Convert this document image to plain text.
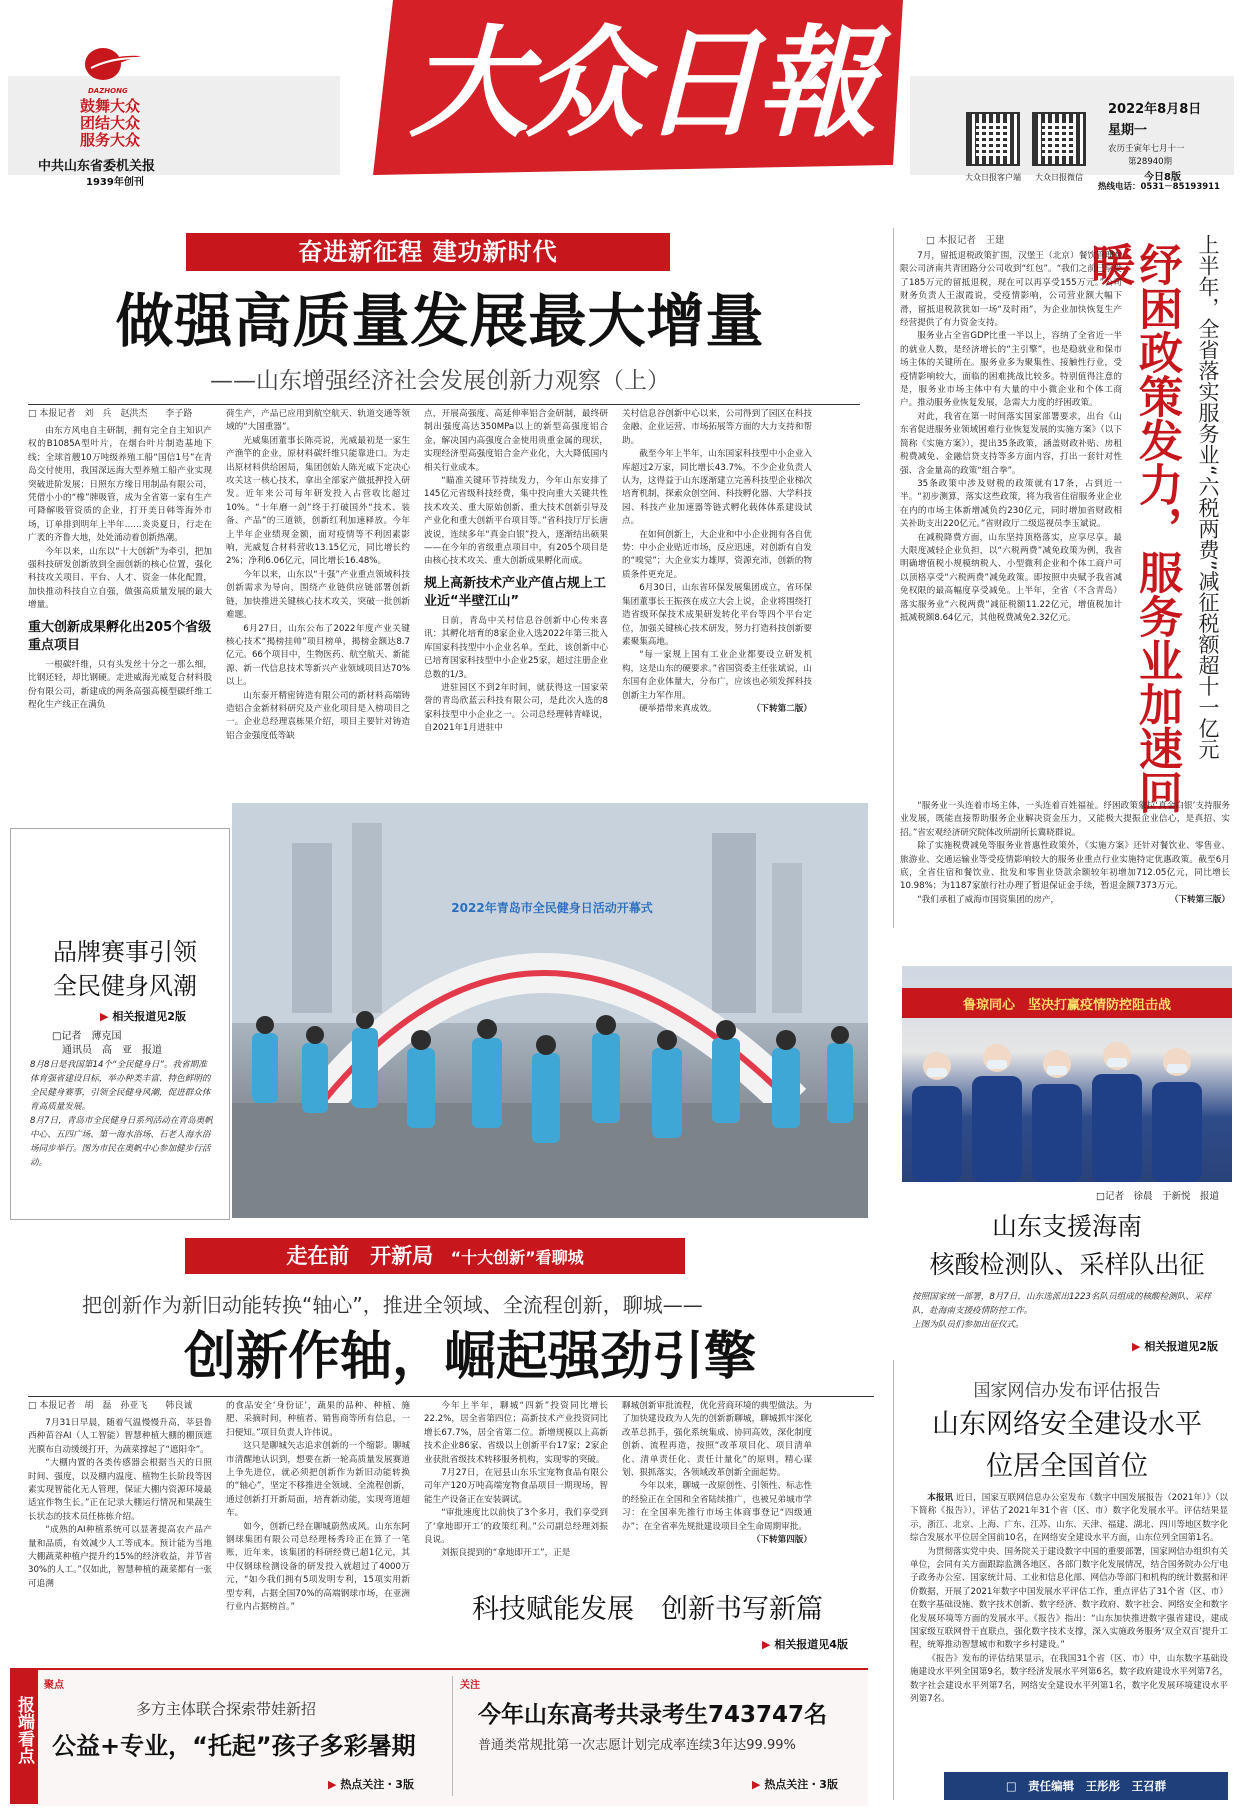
DAZHONG
鼓舞大众
团结大众
服务大众
中共山东省委机关报
1939年创刊
大众日報
大众日报客户端	大众日报微信
2022年8月8日
星期一
农历壬寅年七月十一
第28940期
今日8版
热线电话：0531－85193911
奋进新征程 建功新时代
做强高质量发展最大增量
——山东增强经济社会发展创新力观察（上）
□ 本报记者　刘　兵　赵洪杰　　李子路
由东方风电自主研制，拥有完全自主知识产权的B1085A型叶片，在烟台叶片制造基地下线；全球首艘10万吨级养殖工船“国信1号”在青岛交付使用，我国深远海大型养殖工船产业实现突破进阶发展；日照东方缘日用制品有限公司，凭借小小的“橡”牌吸管，成为全省第一家有生产可降解吸管资质的企业，打开美日韩等海外市场，订单排到明年上半年……炎炎夏日，行走在广袤的齐鲁大地，处处涌动着创新热潮。
今年以来，山东以“十大创新”为牵引，把加强科技研发创新放到全面创新的核心位置，强化科技攻关项目、平台、人才、资金一体化配置，加快推动科技自立自强，做强高质量发展的最大增量。
重大创新成果孵化出205个省级重点项目
一根碳纤维，只有头发丝十分之一那么细，比钢还轻，却比钢硬。走进威海光威复合材料股份有限公司，新建成的两条高强高模型碳纤维工程化生产线正在满负
荷生产，产品已应用到航空航天、轨道交通等领域的“大国重器”。
光威集团董事长陈亮说，光威最初是一家生产渔竿的企业，原材料碳纤维只能靠进口。为走出原材料供给困局，集团创始人陈光威下定决心攻关这一核心技术，拿出全部家产做抵押投入研发。近年来公司每年研发投入占营收比超过10%。“十年磨一剑”终于打破国外“技术、装备、产品”的三道锁，创新红利加速释放。今年上半年企业绩现金额，面对疫情等不利因素影响，光威复合材料营收13.15亿元，同比增长约2%；净利6.06亿元，同比增长16.48%。
今年以来，山东以“十强”产业重点领域科技创新需求为导向，围绕产业链供应链部署创新链，加快推进关键核心技术攻关，突破一批创新难题。
6月27日，山东公布了2022年度产业关键核心技术“揭榜挂帅”项目榜单，揭榜金额达8.7亿元。66个项目中，生物医药、航空航天、新能源、新一代信息技术等新兴产业领域项目达70%以上。
山东泰开精密铸造有限公司的新材料高端铸造铝合金新材料研究及产业化项目是入榜项目之一。企业总经理袁栋果介绍，项目主要针对铸造铝合金强度低等缺
点，开展高强度、高延伸率铝合金研制，最终研制出强度高达350MPa以上的新型高强度铝合金，解决国内高强度合金使用贵重金属的现状，实现经济型高强度铝合金产业化，大大降低国内相关行业成本。
“瞄准关键环节持续发力，今年山东安排了145亿元省级科技经费，集中投向重大关键共性技术攻关、重大原始创新、重大技术创新引导及产业化和重大创新平台项目等。”省科技厅厅长唐波说，连续多年“真金白银”投入，逐渐结出硕果——在今年的省级重点项目中，有205个项目是由核心技术攻关、重大创新成果孵化而成。
规上高新技术产业产值占规上工业近“半壁江山”
日前，青岛中关村信息谷创新中心传来喜讯：其孵化培育的8家企业入选2022年第三批入库国家科技型中小企业名单。至此，该创新中心已培育国家科技型中小企业25家，超过注册企业总数的1/3。
进驻园区不到2年时间，就获得这一国家荣誉的青岛欣蓝云科技有限公司，是此次入选的8家科技型中小企业之一。公司总经理韩青峰说，自2021年1月进驻中
关村信息谷创新中心以来，公司得到了园区在科技金融、企业运营、市场拓展等方面的大力支持和帮助。
截至今年上半年，山东国家科技型中小企业入库超过2万家，同比增长43.7%。不少企业负责人认为，这得益于山东逐渐建立完善科技型企业梯次培育机制，探索众创空间、科技孵化器、大学科技园、科技产业加速器等链式孵化载体体系建设试点。
在如何创新上，大企业和中小企业拥有各自优势：中小企业贴近市场，反应迅速，对创新有自发的“嗅觉”；大企业实力雄厚，资源充沛，创新的物质条件更充足。
6月30日，山东省环保发展集团成立，省环保集团董事长王振孩在成立大会上说，企业将围绕打造省级环保技术成果研发转化平台等四个平台定位，加强关键核心技术研发，努力打造科技创新要素聚集高地。
“每一家规上国有工业企业都要设立研发机构，这是山东的硬要求。”省国资委主任张斌说，山东国有企业体量大，分布广，应该也必须发挥科技创新主力军作用。
硬举措带来真成效。	（下转第二版）
□ 本报记者　王建
纾困政策发力，服务业加速回暖	上半年，全省落实服务业“六税两费”减征税额超十一亿元
7月，留抵退税政策扩围，汉堡王（北京）餐饮管理有限公司济南共青团路分公司收到“红包”。“我们之前已享受了185万元的留抵退税，现在可以再享受155万元。”公司财务负责人王淑霞说，受疫情影响，公司营业额大幅下滑，留抵退税款犹如一场“及时雨”，为企业加快恢复生产经营提供了有力资金支持。
服务业占全省GDP比重一半以上，容纳了全省近一半的就业人数，是经济增长的“主引擎”，也是稳就业和保市场主体的关键所在。服务业多为聚集性、接触性行业，受疫情影响较大，面临的困难挑战比较多。特别值得注意的是，服务业市场主体中有大量的中小微企业和个体工商户。推动服务业恢复发展，急需大力度的纾困政策。
对此，我省在第一时间落实国家部署要求，出台《山东省促进服务业领域困难行业恢复发展的实施方案》（以下简称《实施方案》），提出35条政策，涵盖财政补贴、房租税费减免、金融信贷支持等多方面内容，打出一套针对性强、含金量高的政策“组合拳”。
35条政策中涉及财税的政策就有17条，占到近一半。“初步测算，落实这些政策，将为我省住宿服务业企业在内的市场主体新增减负约230亿元，同时增加省财政相关补助支出220亿元。”省财政厅二级巡视员李玉斌说。
在减税降费方面，山东坚持顶格落实，应享尽享。最大限度减轻企业负担，以“六税两费”减免政策为例，我省明确增值税小规模纳税人、小型微利企业和个体工商户可以顶格享受“六税两费”减免政策。即按照中央赋予我省减免权限的最高幅度享受减免。上半年，全省（不含青岛）落实服务业“六税两费”减征税额11.22亿元，增值税加计抵减税额8.64亿元，其他税费减免2.32亿元。
“服务业一头连着市场主体，一头连着百姓福祉。纾困政策象拉‘真金白银’支持服务业发展，既能直接帮助服务企业解决资金压力，又能极大提振企业信心，是真招、实招。”省宏观经济研究院体改所副所长冀晓群说。
除了实施税费减免等服务业普惠性政策外，《实施方案》还针对餐饮业、零售业、旅游业、交通运输业等受疫情影响较大的服务业重点行业实施特定优惠政策。截至6月底，全省住宿和餐饮业、批发和零售业贷款余额较年初增加712.05亿元，同比增长10.98%；为1187家旅行社办理了暂退保证金手续，暂退金额7373万元。
“我们承租了威海市国资集团的房产，	（下转第三版）
品牌赛事引领
全民健身风潮
▶ 相关报道见2版
□记者　薄克国
　通讯员　高　亚　报道
8月8日是我国第14个“全民健身日”。我省期准体育强省建设目标，举办种类丰富、特色鲜明的全民健身赛事，引领全民健身风潮，促进群众体育高质量发展。
8月7日，青岛市全民健身日系列活动在青岛奥帆中心、五四广场、第一海水浴场、石老人海水浴场同步举行。图为市民在奥帆中心参加健步行活动。
2022年青岛市全民健身日活动开幕式
鲁琼同心　坚决打赢疫情防控阻击战
□记者　徐晨　于新悦　报道
山东支援海南
核酸检测队、采样队出征
按照国家统一部署，8月7日，山东选派出1223名队员组成的核酸检测队、采样队，赴海南支援疫情防控工作。
上图为队员们参加出征仪式。
▶ 相关报道见2版
走在前　开新局 “十大创新”看聊城
把创新作为新旧动能转换“轴心”，推进全领域、全流程创新，聊城——
创新作轴，崛起强劲引擎
□ 本报记者　胡　磊　孙亚飞　　韩良诚
7月31日早晨，随着气温慢慢升高，莘县鲁西种苗谷AI（人工智能）智慧种植大棚的棚顶遮光膜布自动缓缓打开，为蔬菜撑起了“遮阳伞”。
“大棚内置的各类传感器会根据当天的日照时间、强度，以及棚内温度、植物生长阶段等因素实现智能化无人管理，保证大棚内资源环境最适宜作物生长。”正在记录大棚运行情况和果蔬生长状态的技术员任栋栋介绍。
“成熟的AI种植系统可以显著提高农产品产量和品质，有效减少人工等成本。预计能为当地大棚蔬菜种植户提升约15%的经济收益，并节省30%的人工。”仅如此，智慧种植的蔬菜都有一张可追溯
的食品安全‘身份证’，蔬果的品种、种植、施肥、采摘时间，种植者、销售商等所有信息，一扫便知。”项目负责人许伟说。
这只是聊城矢志追求创新的一个缩影。聊城市清醒地认识到，想要在新一轮高质量发展赛道上争先进位，就必须把创新作为新旧动能转换的“轴心”，坚定不移推进全领域、全流程创新，通过创新打开新局面，培育新动能，实现弯道超车。
如今，创新已经在聊城蔚然成风。山东东阿钢球集团有限公司总经理杨秀玲正在算了一笔账，近年来，该集团的科研经费已超1亿元，其中仅钢球检测设备的研发投入就超过了4000万元，“如今我们拥有5项发明专利，15项实用新型专利，占据全国70%的高端钢球市场，在亚洲行业内占据榜首。”
今年上半年，聊城“四新”投资同比增长22.2%，居全省第四位；高新技术产业投资同比增长67.7%，居全省第二位。新增规模以上高新技术企业86家、省级以上创新平台17家；2家企业获批省级技术转移服务机构，实现零的突破。
7月27日，在冠县山东乐宝宠物食品有限公司年产120万吨高端宠物食品项目一期现场，智能生产设备正在安装调试。
“审批速度比以前快了3个多月，我们享受到了‘拿地即开工’的政策红利。”公司副总经理刘振良说。
刘振良提到的“拿地即开工”，正是
聊城创新审批流程，优化营商环境的典型做法。为了加快建设政为人先的创新新聊城，聊城抓牢深化改革总抓手，强化系统集成、协同高效，深化制度创新、流程再造，按照“改革项目化、项目清单化、清单责任化、责任计量化”的原则，精心谋划、狠抓落实，各领域改革创新全面起势。
今年以来，聊城一改原创性、引领性、标志性的经验正在全国和全省陆续推广，也被兄弟城市学习：在全国率先推行市场主体商事登记“四级通办”；在全省率先规批建设项目全生命周期审批。
（下转第四版）
科技赋能发展　创新书写新篇
▶ 相关报道见4版
国家网信办发布评估报告
山东网络安全建设水平
位居全国首位
本报讯 近日，国家互联网信息办公室发布《数字中国发展报告（2021年）》（以下简称《报告》），评估了2021年31个省（区、市）数字化发展水平。评估结果显示，浙江、北京、上海、广东、江苏、山东、天津、福建、湖北、四川等地区数字化综合发展水平位居全国前10名，在网络安全建设水平方面，山东位列全国第1名。
为贯彻落实党中央、国务院关于建设数字中国的重要部署，国家网信办组织有关单位，会同有关方面跟踪监测各地区、各部门数字化发展情况，结合国务院办公厅电子政务办公室、国家统计局、工业和信息化部、网信办等部门和机构的统计数据和评价数据，开展了2021年数字中国发展水平评估工作，重点评估了31个省（区、市）在数字基础设施、数字技术创新、数字经济、数字政府、数字社会、网络安全和数字化发展环境等方面的发展水平。《报告》指出：“山东加快推进数字强省建设，建成国家级互联网骨干直联点，强化数字技术支撑，深入实施政务服务‘双全双百’提升工程，统筹推动智慧城市和数字乡村建设。”
《报告》发布的评估结果显示，在我国31个省（区、市）中，山东数字基础设施建设水平列全国第9名，数字经济发展水平列第6名，数字政府建设水平列第7名，数字社会建设水平列第7名，网络安全建设水平列第1名，数字化发展环境建设水平列第7名。
□　责任编辑　王彤彤　王召群
报端看点
聚点
多方主体联合探索带娃新招
公益+专业，“托起”孩子多彩暑期
▶ 热点关注・3版
关注
今年山东高考共录考生743747名
普通类常规批第一次志愿计划完成率连续3年达99.99%
▶ 热点关注・3版
